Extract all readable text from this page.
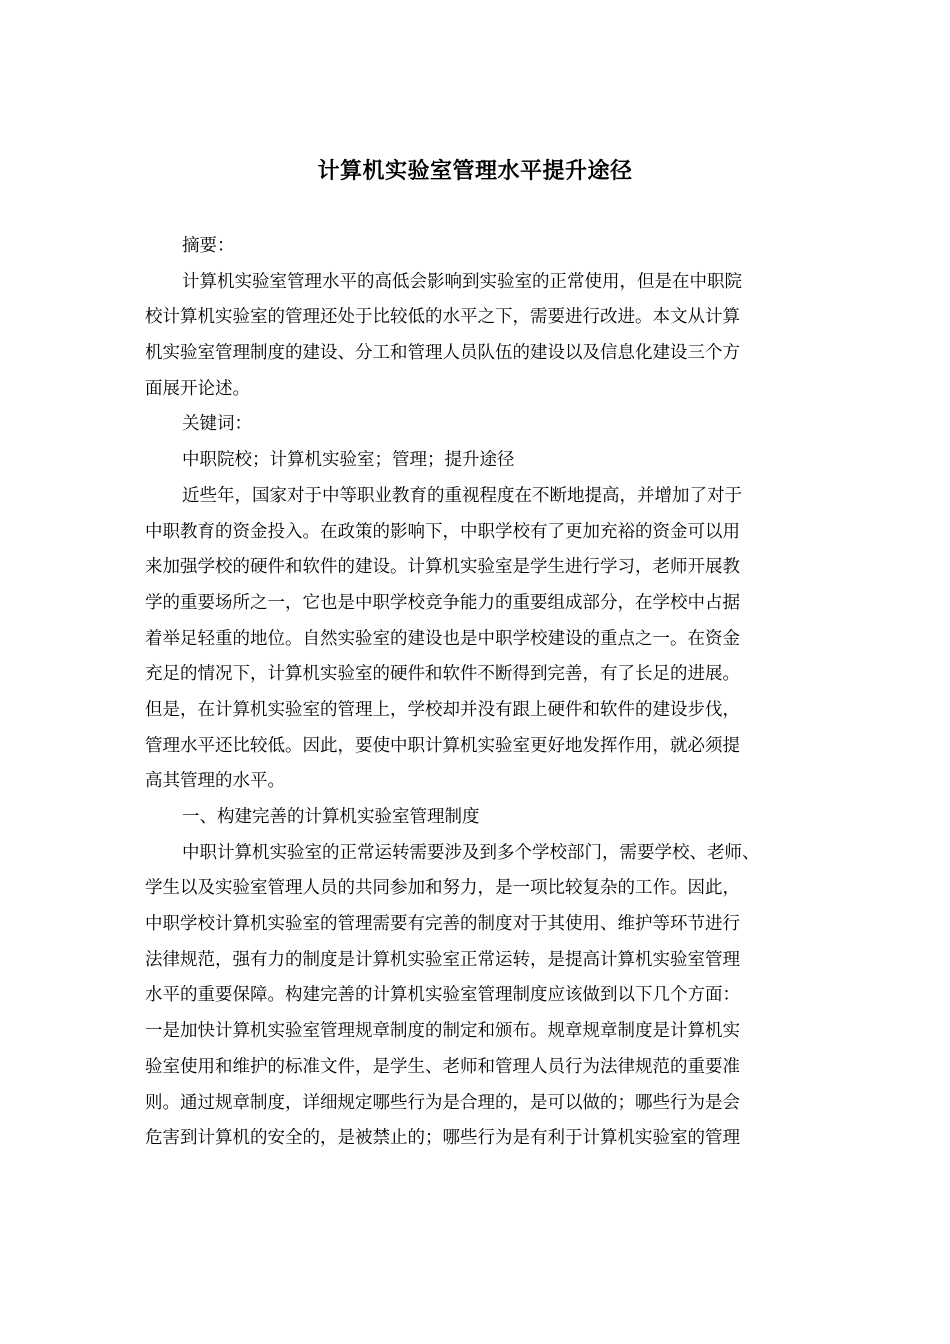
计算机实验室管理水平提升途径
摘要：
计算机实验室管理水平的高低会影响到实验室的正常使用，但是在中职院
校计算机实验室的管理还处于比较低的水平之下，需要进行改进。本文从计算
机实验室管理制度的建设、分工和管理人员队伍的建设以及信息化建设三个方
面展开论述。
关键词：
中职院校；计算机实验室；管理；提升途径
近些年，国家对于中等职业教育的重视程度在不断地提高，并增加了对于
中职教育的资金投入。在政策的影响下，中职学校有了更加充裕的资金可以用
来加强学校的硬件和软件的建设。计算机实验室是学生进行学习，老师开展教
学的重要场所之一，它也是中职学校竞争能力的重要组成部分，在学校中占据
着举足轻重的地位。自然实验室的建设也是中职学校建设的重点之一。在资金
充足的情况下，计算机实验室的硬件和软件不断得到完善，有了长足的进展。
但是，在计算机实验室的管理上，学校却并没有跟上硬件和软件的建设步伐，
管理水平还比较低。因此，要使中职计算机实验室更好地发挥作用，就必须提
高其管理的水平。
一、构建完善的计算机实验室管理制度
中职计算机实验室的正常运转需要涉及到多个学校部门，需要学校、老师、
学生以及实验室管理人员的共同参加和努力，是一项比较复杂的工作。因此，
中职学校计算机实验室的管理需要有完善的制度对于其使用、维护等环节进行
法律规范，强有力的制度是计算机实验室正常运转，是提高计算机实验室管理
水平的重要保障。构建完善的计算机实验室管理制度应该做到以下几个方面：
一是加快计算机实验室管理规章制度的制定和颁布。规章规章制度是计算机实
验室使用和维护的标准文件，是学生、老师和管理人员行为法律规范的重要准
则。通过规章制度，详细规定哪些行为是合理的，是可以做的；哪些行为是会
危害到计算机的安全的，是被禁止的；哪些行为是有利于计算机实验室的管理
